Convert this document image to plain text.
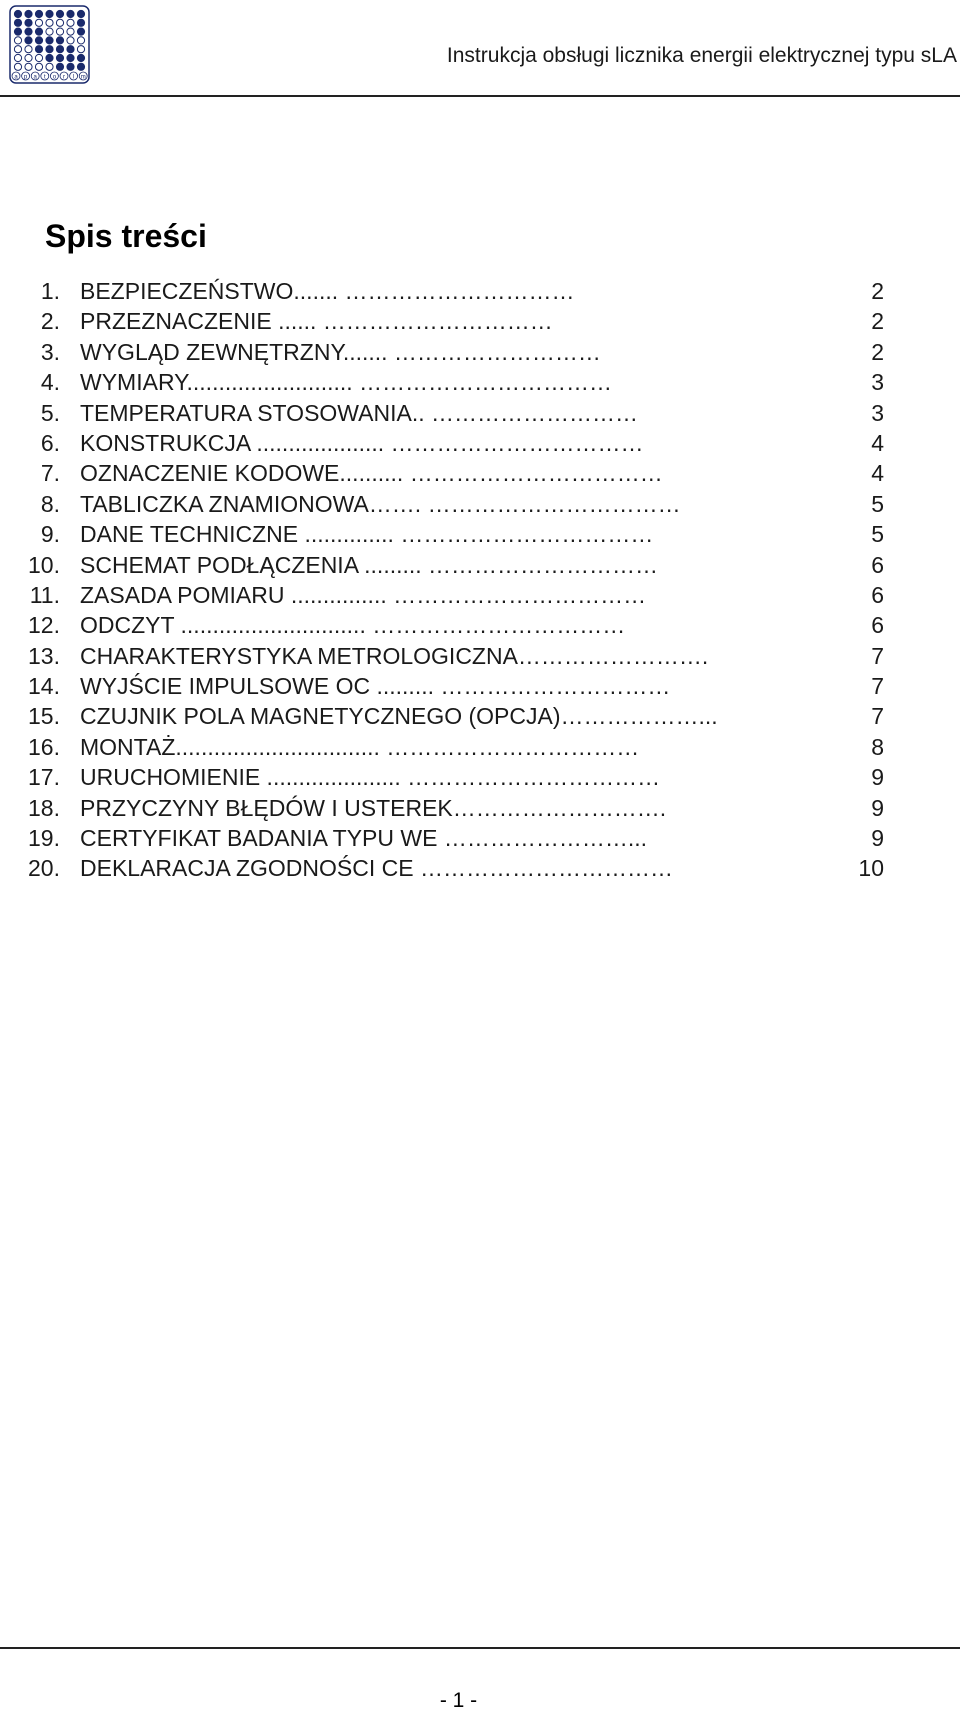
a p a t o r l m
Instrukcja obsługi licznika energii elektrycznej typu sLA
Spis treści
1. BEZPIECZEŃSTWO....... …………………………	2
2. PRZEZNACZENIE ...... …………………………	2
3. WYGLĄD ZEWNĘTRZNY....... ………………………	2
4. WYMIARY.......................... ……………………………	3
5. TEMPERATURA STOSOWANIA.. ………………………	3
6. KONSTRUKCJA .................... ……………………………	4
7. OZNACZENIE KODOWE.......... ……………………………	4
8. TABLICZKA ZNAMIONOWA……. ……………………………	5
9. DANE TECHNICZNE .............. ……………………………	5
10. SCHEMAT PODŁĄCZENIA ......... …………………………	6
11. ZASADA POMIARU ............... ……………………………	6
12. ODCZYT ............................. ……………………………	6
13. CHARAKTERYSTYKA METROLOGICZNA…………………….	7
14. WYJŚCIE IMPULSOWE OC ......... …………………………	7
15. CZUJNIK POLA MAGNETYCZNEGO (OPCJA)………………...	7
16. MONTAŻ................................ ……………………………	8
17. URUCHOMIENIE ..................... ……………………………	9
18. PRZYCZYNY BŁĘDÓW I USTEREK……………………….	9
19. CERTYFIKAT BADANIA TYPU WE ……………………...	9
20. DEKLARACJA ZGODNOŚCI CE ……………………………	10
- 1 -
